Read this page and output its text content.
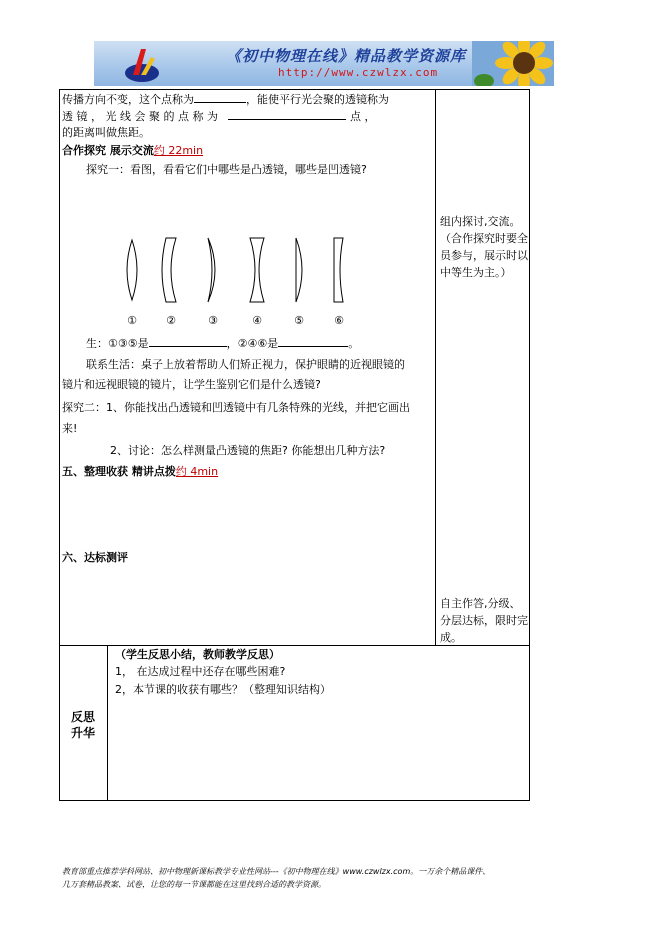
《初中物理在线》精品教学资源库
http://www.czwlzx.com
传播方向不变，这个点称为	，能使平行光会聚的透镜称为
透 镜 ， 光 线 会 聚 的 点 称 为	点 ，
的距离叫做焦距。
合作探究 展示交流约 22min
探究一：看图，看看它们中哪些是凸透镜，哪些是凹透镜?
①	②	③	④	⑤	⑥
生：①③⑤是	，②④⑥是	。
联系生活：桌子上放着帮助人们矫正视力，保护眼睛的近视眼镜的
镜片和远视眼镜的镜片，让学生鉴别它们是什么透镜?
探究二：1、你能找出凸透镜和凹透镜中有几条特殊的光线，并把它画出
来!
2、讨论：怎么样测量凸透镜的焦距? 你能想出几种方法?
五、整理收获 精讲点拨约 4min
六、达标测评
组内探讨,交流。（合作探究时要全员参与，展示时以中等生为主。）
自主作答,分级、分层达标，限时完成。
反思
升华
（学生反思小结，教师教学反思）
1， 在达成过程中还存在哪些困难?
2，本节课的收获有哪些？（整理知识结构）
教育部重点推荐学科网站、初中物理新课标教学专业性网站---《初中物理在线》www.czwlzx.com。一万余个精品课件、
几万套精品教案、试卷，让您的每一节课都能在这里找到合适的教学资源。
